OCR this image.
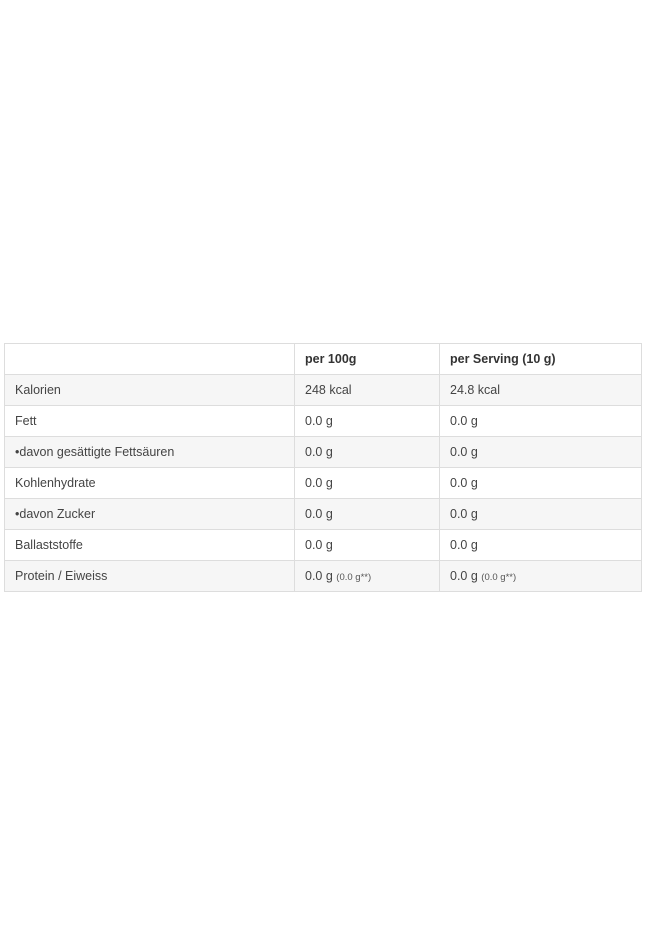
	per 100g	per Serving (10 g)
Kalorien	248 kcal	24.8 kcal
Fett	0.0 g	0.0 g
•davon gesättigte Fettsäuren	0.0 g	0.0 g
Kohlenhydrate	0.0 g	0.0 g
•davon Zucker	0.0 g	0.0 g
Ballaststoffe	0.0 g	0.0 g
Protein / Eiweiss	0.0 g (0.0 g**)	0.0 g (0.0 g**)
